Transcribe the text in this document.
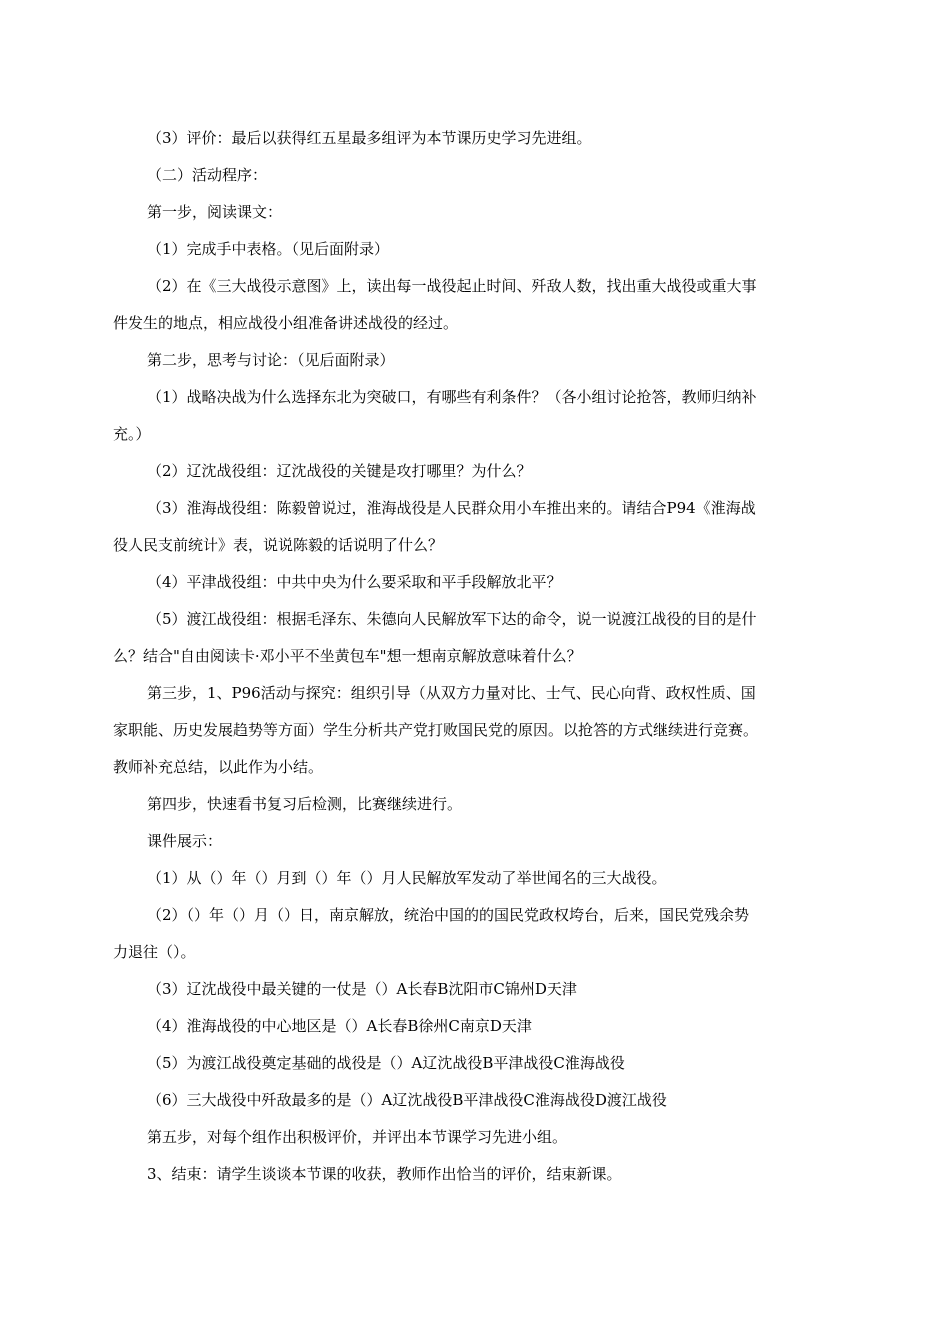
（3）评价：最后以获得红五星最多组评为本节课历史学习先进组。
（二）活动程序：
第一步，阅读课文：
（1）完成手中表格。（见后面附录）
（2）在《三大战役示意图》上，读出每一战役起止时间、歼敌人数，找出重大战役或重大事
件发生的地点，相应战役小组准备讲述战役的经过。
第二步，思考与讨论：（见后面附录）
（1）战略决战为什么选择东北为突破口，有哪些有利条件？（各小组讨论抢答，教师归纳补
充。）
（2）辽沈战役组：辽沈战役的关键是攻打哪里？为什么？
（3）淮海战役组：陈毅曾说过，淮海战役是人民群众用小车推出来的。请结合P94《淮海战
役人民支前统计》表，说说陈毅的话说明了什么？
（4）平津战役组：中共中央为什么要采取和平手段解放北平？
（5）渡江战役组：根据毛泽东、朱德向人民解放军下达的命令，说一说渡江战役的目的是什
么？结合"自由阅读卡·邓小平不坐黄包车"想一想南京解放意味着什么？
第三步，1、P96活动与探究：组织引导（从双方力量对比、士气、民心向背、政权性质、国
家职能、历史发展趋势等方面）学生分析共产党打败国民党的原因。以抢答的方式继续进行竞赛。
教师补充总结，以此作为小结。
第四步，快速看书复习后检测，比赛继续进行。
课件展示：
（1）从（）年（）月到（）年（）月人民解放军发动了举世闻名的三大战役。
（2）（）年（）月（）日，南京解放，统治中国的的国民党政权垮台，后来，国民党残余势
力退往（）。
（3）辽沈战役中最关键的一仗是（）A长春B沈阳市C锦州D天津
（4）淮海战役的中心地区是（）A长春B徐州C南京D天津
（5）为渡江战役奠定基础的战役是（）A辽沈战役B平津战役C淮海战役
（6）三大战役中歼敌最多的是（）A辽沈战役B平津战役C淮海战役D渡江战役
第五步，对每个组作出积极评价，并评出本节课学习先进小组。
3、结束：请学生谈谈本节课的收获，教师作出恰当的评价，结束新课。
